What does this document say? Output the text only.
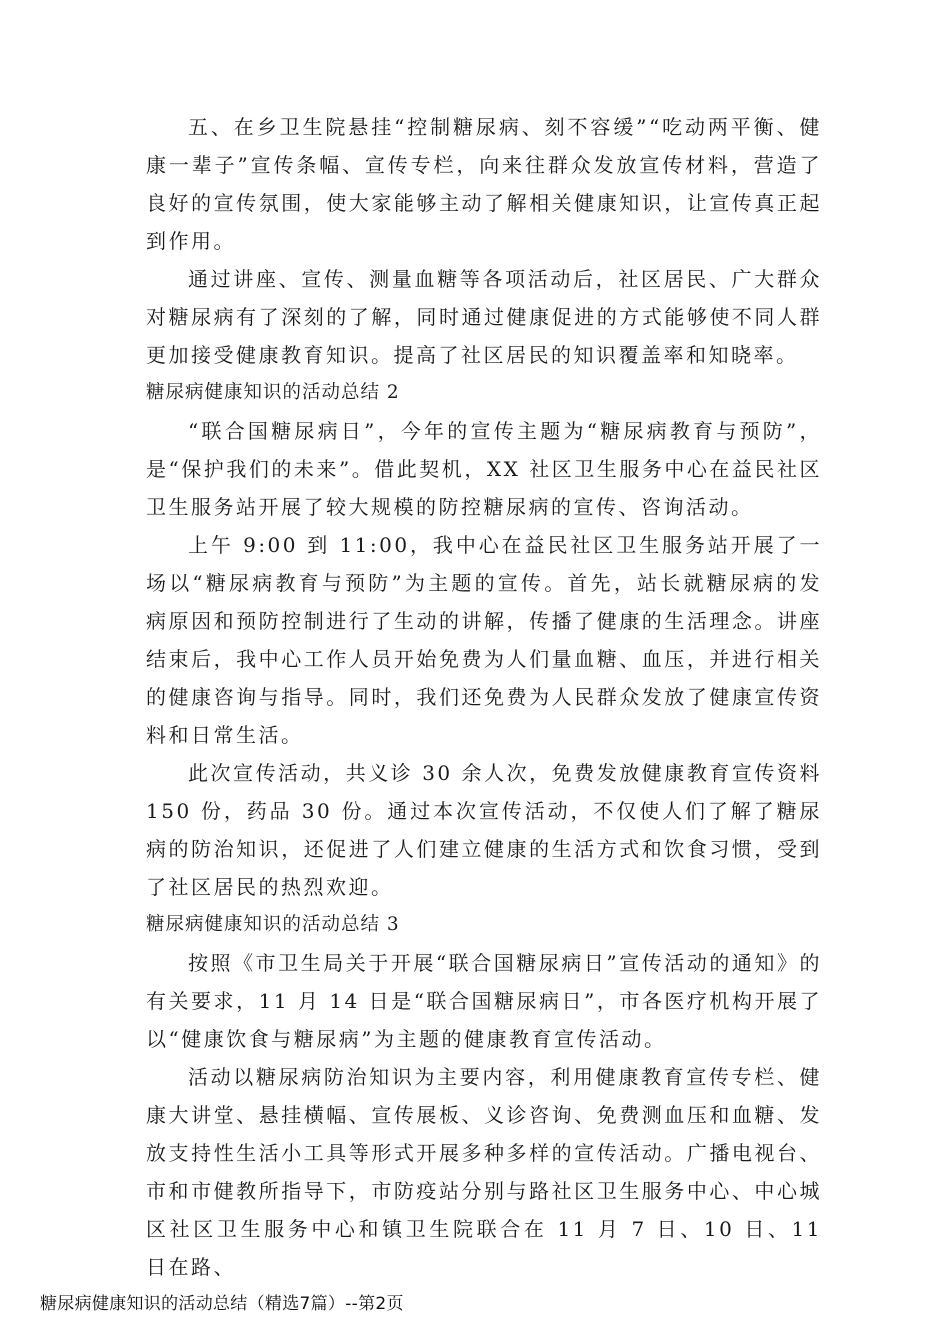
五、在乡卫生院悬挂“控制糖尿病、刻不容缓”“吃动两平衡、健康一辈子”宣传条幅、宣传专栏，向来往群众发放宣传材料，营造了良好的宣传氛围，使大家能够主动了解相关健康知识，让宣传真正起到作用。

通过讲座、宣传、测量血糖等各项活动后，社区居民、广大群众对糖尿病有了深刻的了解，同时通过健康促进的方式能够使不同人群更加接受健康教育知识。提高了社区居民的知识覆盖率和知晓率。

糖尿病健康知识的活动总结 2

“联合国糖尿病日”，今年的宣传主题为“糖尿病教育与预防”，是“保护我们的未来”。借此契机，XX 社区卫生服务中心在益民社区卫生服务站开展了较大规模的防控糖尿病的宣传、咨询活动。

上午 9:00 到 11:00，我中心在益民社区卫生服务站开展了一场以“糖尿病教育与预防”为主题的宣传。首先，站长就糖尿病的发病原因和预防控制进行了生动的讲解，传播了健康的生活理念。讲座结束后，我中心工作人员开始免费为人们量血糖、血压，并进行相关的健康咨询与指导。同时，我们还免费为人民群众发放了健康宣传资料和日常生活。

此次宣传活动，共义诊 30 余人次，免费发放健康教育宣传资料 150 份，药品 30 份。通过本次宣传活动，不仅使人们了解了糖尿病的防治知识，还促进了人们建立健康的生活方式和饮食习惯，受到了社区居民的热烈欢迎。

糖尿病健康知识的活动总结 3

按照《市卫生局关于开展“联合国糖尿病日”宣传活动的通知》的有关要求，11 月 14 日是“联合国糖尿病日”，市各医疗机构开展了以“健康饮食与糖尿病”为主题的健康教育宣传活动。

活动以糖尿病防治知识为主要内容，利用健康教育宣传专栏、健康大讲堂、悬挂横幅、宣传展板、义诊咨询、免费测血压和血糖、发放支持性生活小工具等形式开展多种多样的宣传活动。广播电视台、市和市健教所指导下，市防疫站分别与路社区卫生服务中心、中心城区社区卫生服务中心和镇卫生院联合在 11 月 7 日、10 日、11 日在路、

糖尿病健康知识的活动总结（精选7篇）--第2页
